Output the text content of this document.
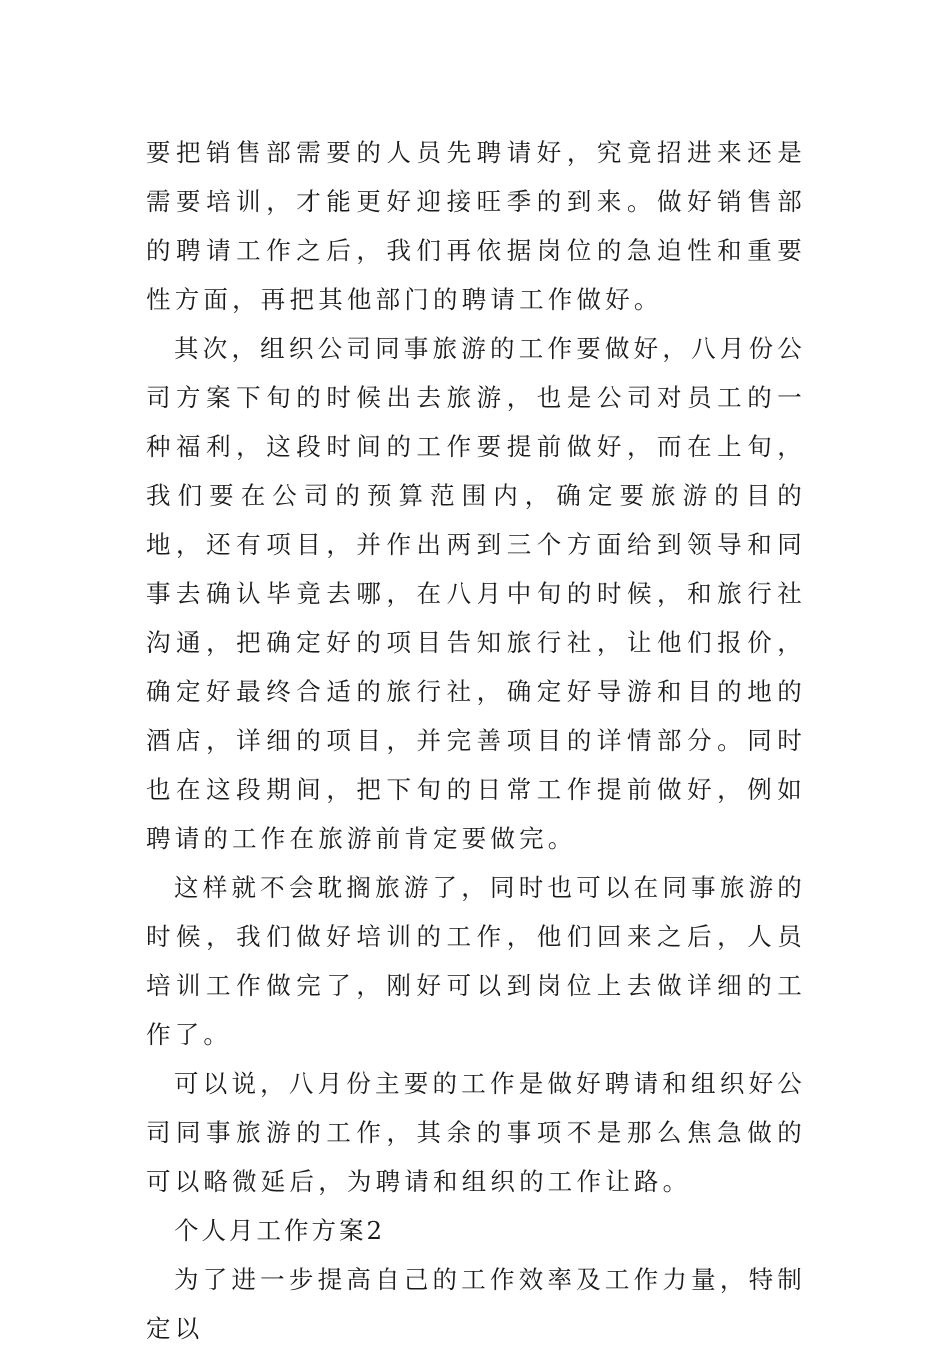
要把销售部需要的人员先聘请好，究竟招进来还是需要培训，才能更好迎接旺季的到来。做好销售部的聘请工作之后，我们再依据岗位的急迫性和重要性方面，再把其他部门的聘请工作做好。

其次，组织公司同事旅游的工作要做好，八月份公司方案下旬的时候出去旅游，也是公司对员工的一种福利，这段时间的工作要提前做好，而在上旬，我们要在公司的预算范围内，确定要旅游的目的地，还有项目，并作出两到三个方面给到领导和同事去确认毕竟去哪，在八月中旬的时候，和旅行社沟通，把确定好的项目告知旅行社，让他们报价，确定好最终合适的旅行社，确定好导游和目的地的酒店，详细的项目，并完善项目的详情部分。同时也在这段期间，把下旬的日常工作提前做好，例如聘请的工作在旅游前肯定要做完。

这样就不会耽搁旅游了，同时也可以在同事旅游的时候，我们做好培训的工作，他们回来之后，人员培训工作做完了，刚好可以到岗位上去做详细的工作了。

可以说，八月份主要的工作是做好聘请和组织好公司同事旅游的工作，其余的事项不是那么焦急做的可以略微延后，为聘请和组织的工作让路。

个人月工作方案2

为了进一步提高自己的工作效率及工作力量，特制定以
